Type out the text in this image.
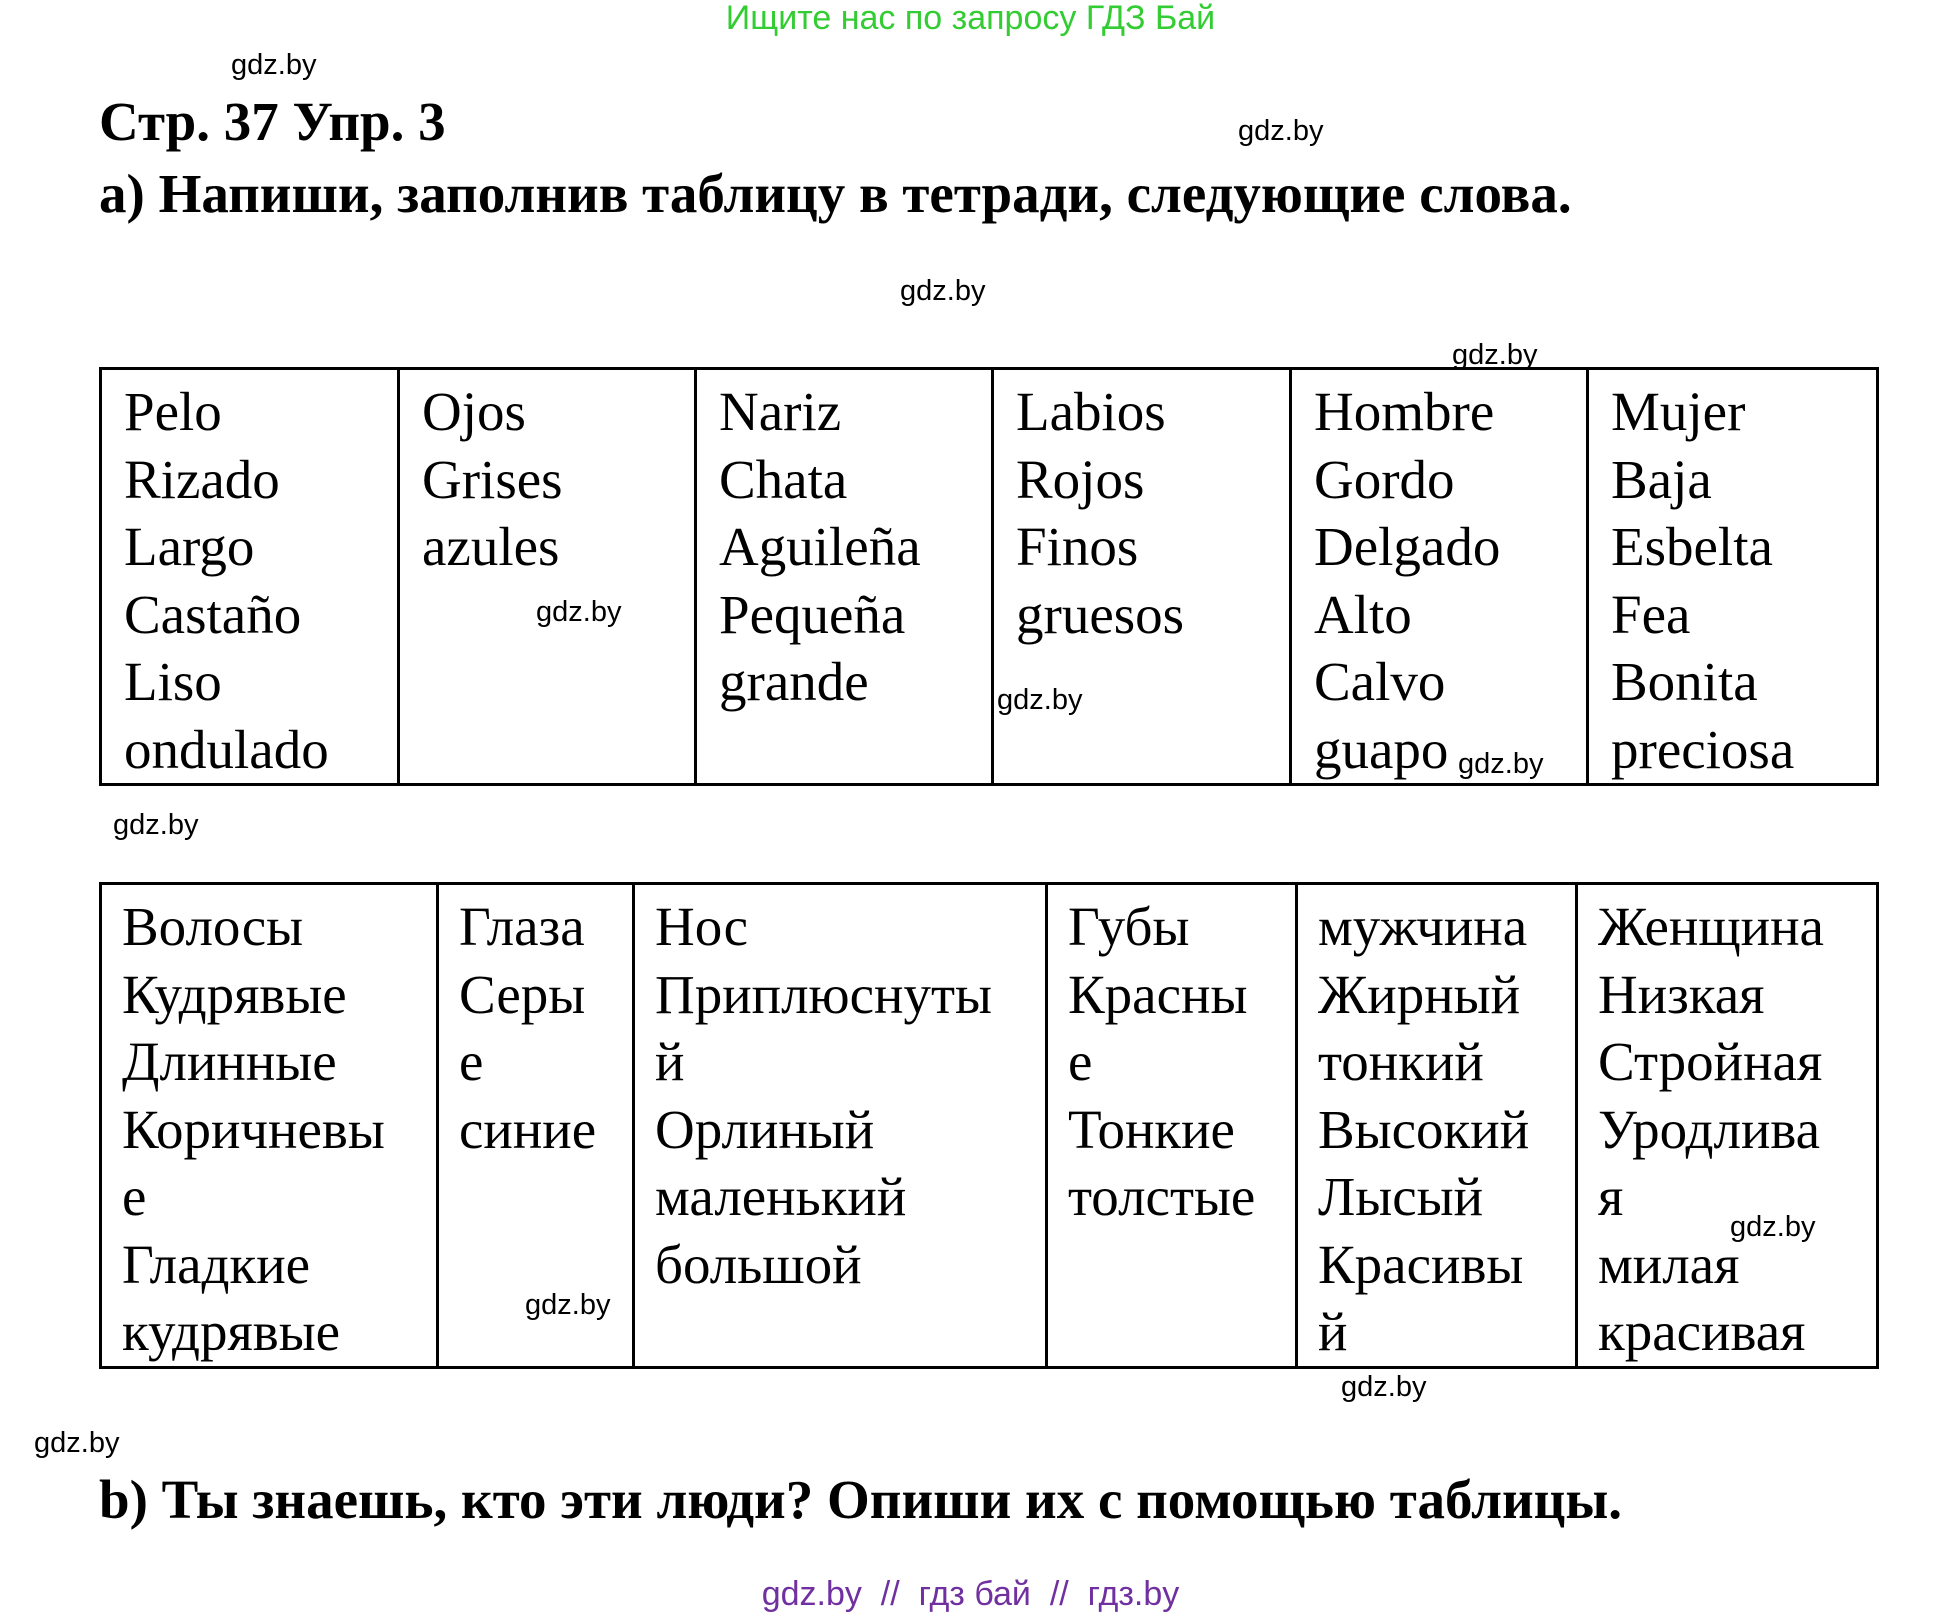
Ищите нас по запросу ГДЗ Бай
gdz.by
Стр. 37 Упр. 3	gdz.by
a) Напиши, заполнив таблицу в тетради, следующие слова.
gdz.by
gdz.by
Pelo
Rizado
Largo
Castaño
Liso
ondulado

Ojos
Grises
azules

Nariz
Chata
Aguileña
Pequeña
grande

Labios
Rojos
Finos
gruesos

Hombre
Gordo
Delgado
Alto
Calvo
guapo

Mujer
Baja
Esbelta
Fea
Bonita
preciosa
gdz.by
gdz.by
gdz.by
gdz.by
Волосы
Кудрявые
Длинные
Коричневы
е
Гладкие
кудрявые

Глаза
Серы
е
синие

Нос
Приплюснуты
й
Орлиный
маленький
большой

Губы
Красны
е
Тонкие
толстые

мужчина
Жирный
тонкий
Высокий
Лысый
Красивы
й

Женщина
Низкая
Стройная
Уродлива
я
милая
красивая
gdz.by
gdz.by
gdz.by
gdz.by
b) Ты знаешь, кто эти люди? Опиши их с помощью таблицы.
gdz.by  //  гдз бай  //  гдз.by
